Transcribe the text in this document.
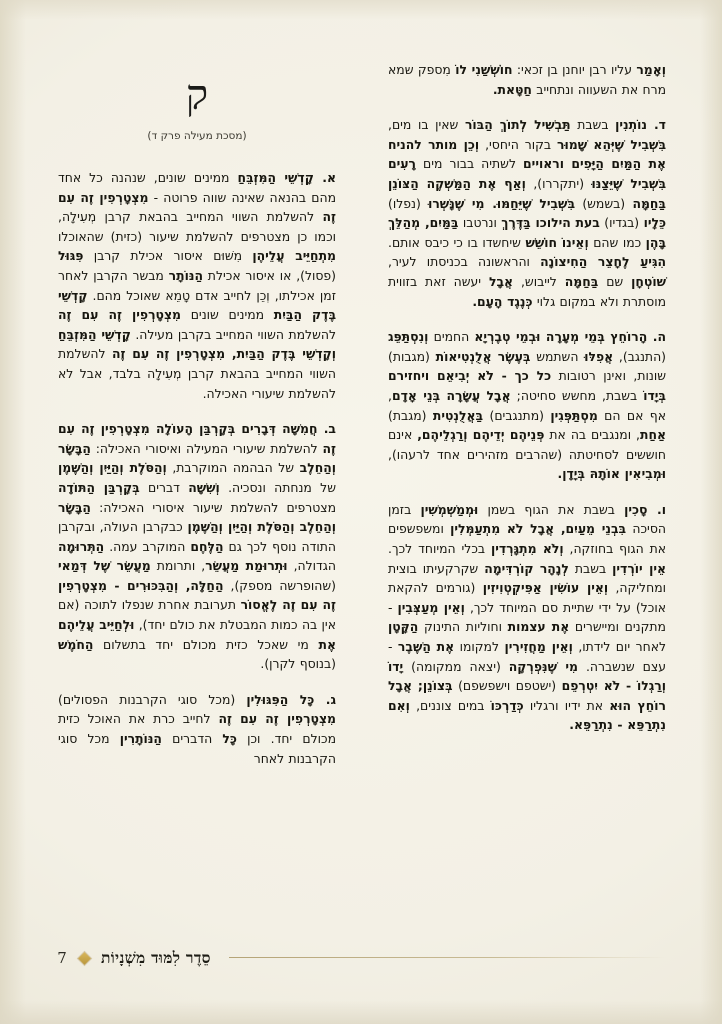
וְאָמַר עליו רבן יוחנן בן זכאי: חוֹשְׁשַׁנִי לוֹ מִספק שמא מרח את השעווה ונתחייב חַטָּאת.

ד. נוֹתְנִין בשבת תַּבְשִׁיל לְתוֹךְ הַבּוֹר שאין בו מים, בִּשְׁבִיל שֶׁיְּהֵא שָׁמוּר בקור היחסי, וְכֵן מותר להניח אֶת הַמַּיִם הַיָּפִים וראויים לשתיה בבור מים רָעִים בִּשְׁבִיל שֶׁיֵּצַנּוּ (יתקררו), וְאַף אֶת הַמַּשְׁקֶה הַצּוֹנֵן בַּחַמָּה (בשמש) בִּשְׁבִיל שֶׁיֵּחַמּוּ. מִי שֶׁנָּשְׁרוּ (נפלו) כֵּלָיו (בגדיו) בעת הילוכו בַּדֶּרֶךְ ונרטבו בַּמַּיִם, מְהַלֵּךְ בָּהֶן כמו שהם וְאֵינוֹ חוֹשֵׁשׁ שיחשדו בו כי כיבס אותם. הִגִּיעַ לֶחָצֵר הַחִיצוֹנָה והראשונה בכניסתו לעיר, שׁוֹטְחָן שם בַּחַמָּה לייבוש, אֲבָל יעשה זאת בזווית מוסתרת ולא במקום גלוי כְּנֶגֶד הָעָם.

ה. הָרוֹחֵץ בְּמֵי מְעָרָה וּבְמֵי טְבֶרְיָא החמים וְנִסְתַּפֵּג (התנגב), אֲפִלּוּ השתמש בְּעֶשֶׂר אֲלֻנְטִיאוֹת (מגבות) שונות, ואינן רטובות כל כך - לֹא יְבִיאֵם ויחזירם בְּיָדוֹ בשבת, מחשש סחיטה; אֲבָל עֲשָׂרָה בְּנֵי אָדָם, אף אם הם מִסְתַּפְּגִין (מתנגבים) בַּאֲלֻנְטִית (מגבת) אַחַת, ומנגבים בה את פְּנֵיהֶם יְדֵיהֶם וְרַגְלֵיהֶם, אינם חוששים לסחיטתה (שהרבים מזהירים אחד לרעהו), וּמְבִיאִין אוֹתָהּ בְּיָדָן.

ו. סָכִין בשבת את הגוף בשמן וּמְמַשְׁמְשִׁין בזמן הסיכה בִּבְנֵי מֵעַיִם, אֲבָל לֹא מִתְעַמְּלִין ומשפשפים את הגוף בחוזקה, וְלֹא מִתְגָּרְדִין בכלי המיוחד לכך. אֵין יוֹרְדִין בשבת לְנָהָר קוֹרְדִּימָה שקרקעיתו בוצית ומחליקה, וְאֵין עוֹשִׂין אַפִּיקְטְוִיזִין (גורמים להקאת אוכל) על ידי שתיית סם המיוחד לכך, וְאֵין מְעַצְּבִין - מתקנים ומיישרים אֶת עצמות וחוליות התינוק הַקָּטָן לאחר יום לידתו, וְאֵין מַחֲזִירִין למקומו אֶת הַשֶּׁבֶר - עצם שנשברה. מִי שֶׁנִּפְרְקָה (יצאה ממקומה) יָדוֹ וְרַגְלוֹ - לֹא יִטְרְפֵם (ישטפם וישפשפם) בְּצוֹנֵן; אֲבָל רוֹחֵץ הוּא את ידיו ורגליו כְּדַרְכּוֹ במים צוננים, וְאִם נִתְרַפֵּא - נִתְרַפֵּא.

ק
(מסכת מעילה פרק ד)

א. קָדְשֵׁי הַמִּזְבֵּחַ ממינים שונים, שנהנה כל אחד מהם בהנאה שאינה שווה פרוטה - מִצְטָרְפִין זֶה עִם זֶה להשלמת השווי המחייב בהבאת קרבן מְעִילָה, וכמו כן מצטרפים להשלמת שיעור (כזית) שהאוכלו מִתְחַיֵּיב עֲלֵיהֶן מִשּׁוּם איסור אכילת קרבן פִּגּוּל (פסול), או איסור אכילת הַנּוֹתָר מבשר הקרבן לאחר זמן אכילתו, וְכֵן לחייב אדם טָמֵא שאוכל מהם. קָדְשֵׁי בֶּדֶק הַבַּיִת ממינים שונים מִצְטָרְפִין זֶה עִם זֶה להשלמת השווי המחייב בקרבן מעילה. קָדְשֵׁי הַמִּזְבֵּחַ וְקָדְשֵׁי בֶּדֶק הַבַּיִת, מִצְטָרְפִין זֶה עִם זֶה להשלמת השווי המחייב בהבאת קרבן מְעִילָה בלבד, אבל לא להשלמת שיעורי האכילה.

ב. חֲמִשָּׁה דְּבָרִים בְּקָרְבַּן הָעוֹלָה מִצְטָרְפִין זֶה עִם זֶה להשלמת שיעורי המעילה ואיסורי האכילה: הַבָּשָׂר וְהַחֵלֶב של הבהמה המוקרבת, וְהַסֹּלֶת וְהַיַּיִן וְהַשֶּׁמֶן של מנחתה ונסכיה. וְשִׁשָּׁה דברים בְּקָרְבַּן הַתּוֹדָה מצטרפים להשלמת שיעור איסורי האכילה: הַבָּשָׂר וְהַחֵלֶב וְהַסֹּלֶת וְהַיַּיִן וְהַשֶּׁמֶן כבקרבן העולה, ובקרבן התודה נוסף לכך גם הַלֶּחֶם המוקרב עמה. הַתְּרוּמָה הגדולה, וּתְרוּמַת מַעֲשֵׂר, ותרומת מַעֲשֵׂר שֶׁל דְּמַאי (שהופרשה מספק), הַחַלָּה, וְהַבִּכּוּרִים - מִצְטָרְפִין זֶה עִם זֶה לֶאֱסוֹר תערובת אחרת שנפלו לתוכה (אם אין בה כמות המבטלת את כולם יחד), וּלְחַיֵּיב עֲלֵיהֶם אֶת מי שאכל כזית מכולם יחד בתשלום הַחֹמֶשׁ (בנוסף לקרן).

ג. כָּל הַפִּגּוּלִין (מכל סוגי הקרבנות הפסולים) מִצְטָרְפִין זֶה עִם זֶה לחייב כרת את האוכל כזית מכולם יחד. וכן כָּל הדברים הַנּוֹתָרִין מכל סוגי הקרבנות לאחר

7 סֵדֶר לִמּוּד מִשְׁנָיוֹת
